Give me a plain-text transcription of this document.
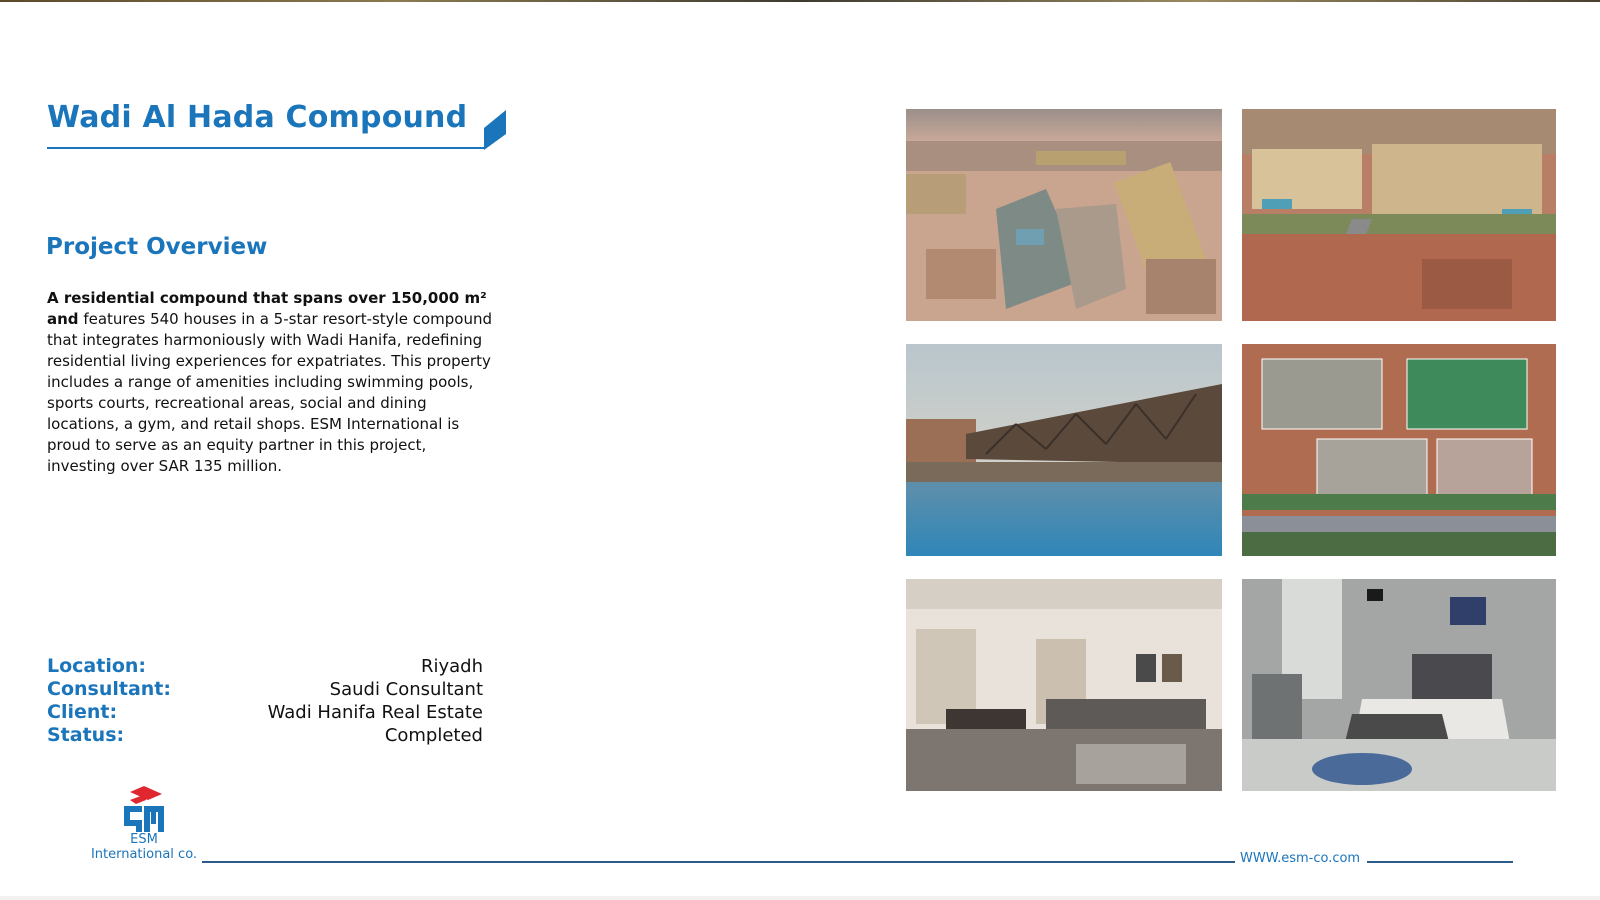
Wadi Al Hada Compound
Project Overview
A residential compound that spans over 150,000 m² and features 540 houses in a 5-star resort-style compound that integrates harmoniously with Wadi Hanifa, redefining residential living experiences for expatriates. This property includes a range of amenities including swimming pools, sports courts, recreational areas, social and dining locations, a gym, and retail shops. ESM International is proud to serve as an equity partner in this project, investing over SAR 135 million.
Location:	Riyadh
Consultant:	Saudi Consultant
Client:	Wadi Hanifa Real Estate
Status:	Completed
ESM
International co.	WWW.esm-co.com
